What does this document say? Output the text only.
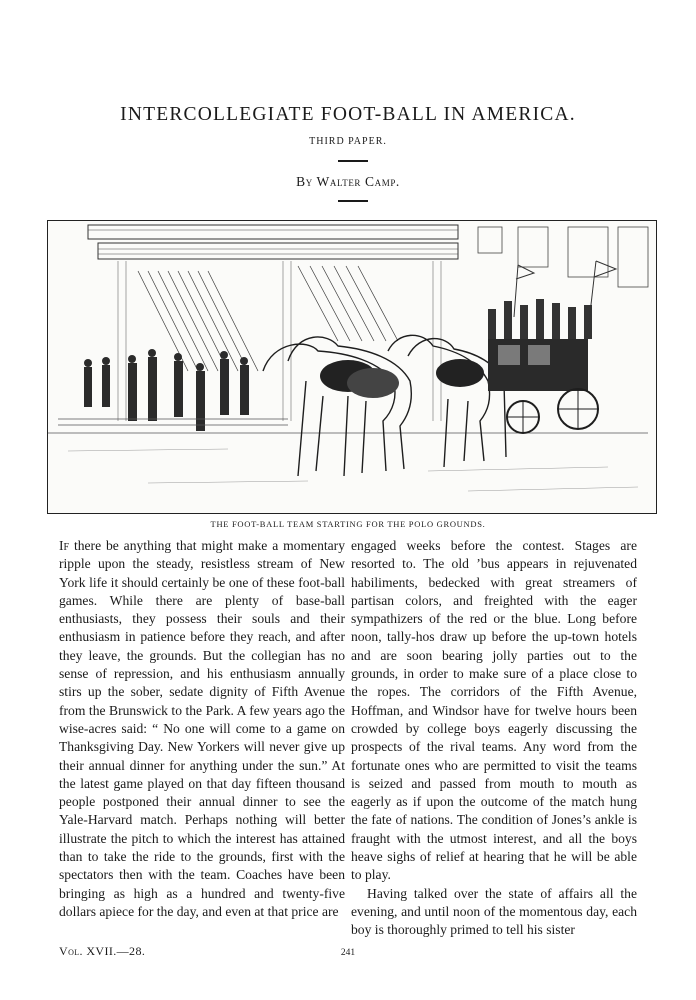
INTERCOLLEGIATE FOOT-BALL IN AMERICA.
THIRD PAPER.
By Walter Camp.
THE FOOT-BALL TEAM STARTING FOR THE POLO GROUNDS.

If there be anything that might make a momentary ripple upon the steady, resistless stream of New York life it should certainly be one of these foot-ball games. While there are plenty of base-ball enthusiasts, they possess their souls and their enthusiasm in patience before they reach, and after they leave, the grounds. But the collegian has no sense of repression, and his enthusiasm annually stirs up the sober, sedate dignity of Fifth Avenue from the Brunswick to the Park. A few years ago the wise-acres said: “ No one will come to a game on Thanksgiving Day. New Yorkers will never give up their annual dinner for anything under the sun.” At the latest game played on that day fifteen thousand people postponed their annual dinner to see the Yale-Harvard match. Perhaps nothing will better illustrate the pitch to which the interest has attained than to take the ride to the grounds, first with the spectators then with the team. Coaches have been bringing as high as a hundred and twenty-five dollars apiece for the day, and even at that price are

engaged weeks before the contest. Stages are resorted to. The old ’bus appears in rejuvenated habiliments, bedecked with great streamers of partisan colors, and freighted with the eager sympathizers of the red or the blue. Long before noon, tally-hos draw up before the up-town hotels and are soon bearing jolly parties out to the grounds, in order to make sure of a place close to the ropes. The corridors of the Fifth Avenue, Hoffman, and Windsor have for twelve hours been crowded by college boys eagerly discussing the prospects of the rival teams. Any word from the fortunate ones who are permitted to visit the teams is seized and passed from mouth to mouth as eagerly as if upon the outcome of the match hung the fate of nations. The condition of Jones’s ankle is fraught with the utmost interest, and all the boys heave sighs of relief at hearing that he will be able to play.

Having talked over the state of affairs all the evening, and until noon of the momentous day, each boy is thoroughly primed to tell his sister

Vol. XVII.—28.	241
